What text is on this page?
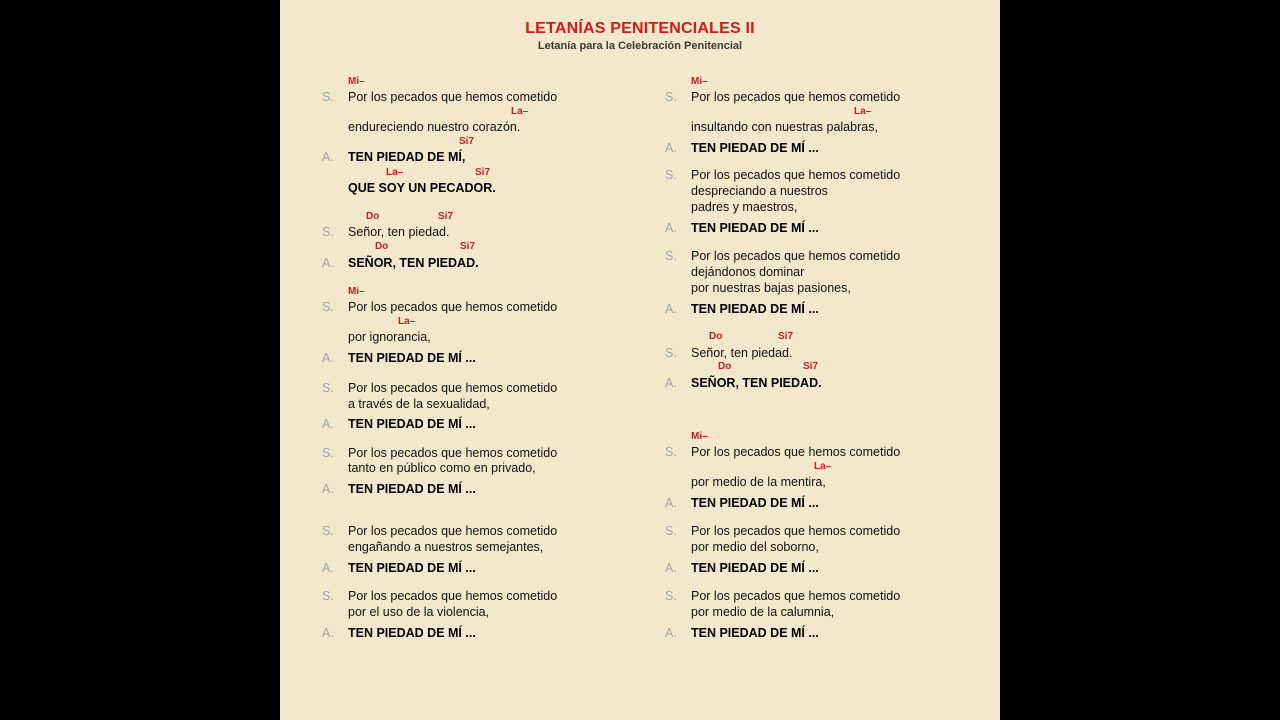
LETANÍAS PENITENCIALES II
Letanía para la Celebración Penitencial
Mi–
S. Por los pecados que hemos cometido
La–
endureciendo nuestro corazón.
Si7
A. TEN PIEDAD DE MÍ,
La–	Si7
QUE SOY UN PECADOR.
Do	Si7
S. Señor, ten piedad.
Do	Si7
A. SEÑOR, TEN PIEDAD.
Mi–
S. Por los pecados que hemos cometido
La–
por ignorancia,
A. TEN PIEDAD DE MÍ ...
S. Por los pecados que hemos cometido
a través de la sexualidad,
A. TEN PIEDAD DE MÍ ...
S. Por los pecados que hemos cometido
tanto en público como en privado,
A. TEN PIEDAD DE MÍ ...
S. Por los pecados que hemos cometido
engañando a nuestros semejantes,
A. TEN PIEDAD DE MÍ ...
S. Por los pecados que hemos cometido
por el uso de la violencia,
A. TEN PIEDAD DE MÍ ...
Mi–
S. Por los pecados que hemos cometido
La–
insultando con nuestras palabras,
A. TEN PIEDAD DE MÍ ...
S. Por los pecados que hemos cometido
despreciando a nuestros
padres y maestros,
A. TEN PIEDAD DE MÍ ...
S. Por los pecados que hemos cometido
dejándonos dominar
por nuestras bajas pasiones,
A. TEN PIEDAD DE MÍ ...
Do	Si7
S. Señor, ten piedad.
Do	Si7
A. SEÑOR, TEN PIEDAD.
Mi–
S. Por los pecados que hemos cometido
La–
por medio de la mentira,
A. TEN PIEDAD DE MÍ ...
S. Por los pecados que hemos cometido
por medio del soborno,
A. TEN PIEDAD DE MÍ ...
S. Por los pecados que hemos cometido
por medio de la calumnia,
A. TEN PIEDAD DE MÍ ...
